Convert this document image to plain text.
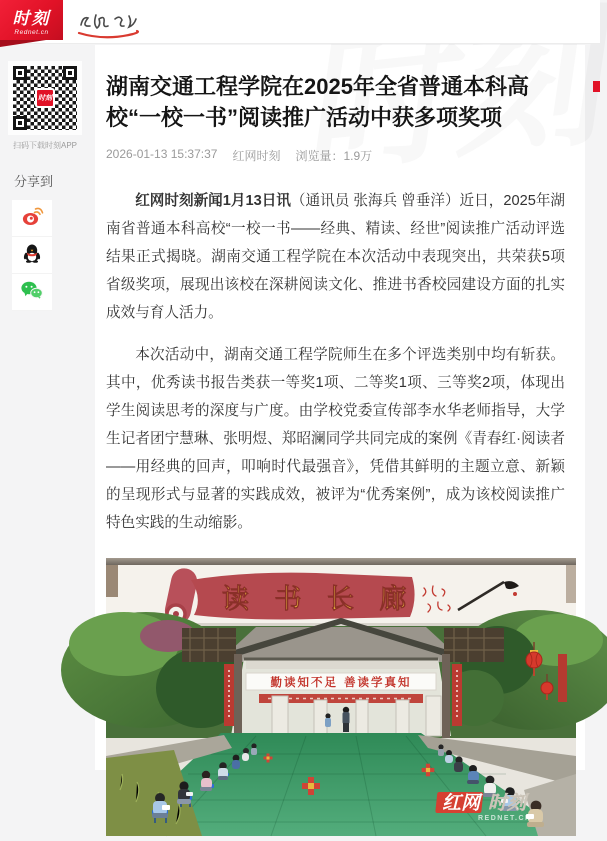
时刻
Rednet.cn
时刻
扫码下载时刻APP
分享到
湖南交通工程学院在2025年全省普通本科高校“一校一书”阅读推广活动中获多项奖项
2026-01-13 15:37:37 红网时刻 浏览量：1.9万

红网时刻新闻1月13日讯（通讯员 张海兵 曾垂洋）近日，2025年湖南省普通本科高校“一校一书——经典、精读、经世”阅读推广活动评选结果正式揭晓。湖南交通工程学院在本次活动中表现突出，共荣获5项省级奖项，展现出该校在深耕阅读文化、推进书香校园建设方面的扎实成效与育人活力。

本次活动中，湖南交通工程学院师生在多个评选类别中均有斩获。其中，优秀读书报告类获一等奖1项、二等奖1项、三等奖2项，体现出学生阅读思考的深度与广度。由学校党委宣传部李水华老师指导，大学生记者团宁慧琳、张明煜、郑昭澜同学共同完成的案例《青春红·阅读者——用经典的回声，叩响时代最强音》，凭借其鲜明的主题立意、新颖的呈现形式与显著的实践成效，被评为“优秀案例”，成为该校阅读推广特色实践的生动缩影。

读 书 长 廊
勤读知不足 善读学真知
红网 时刻
REDNET.CN
